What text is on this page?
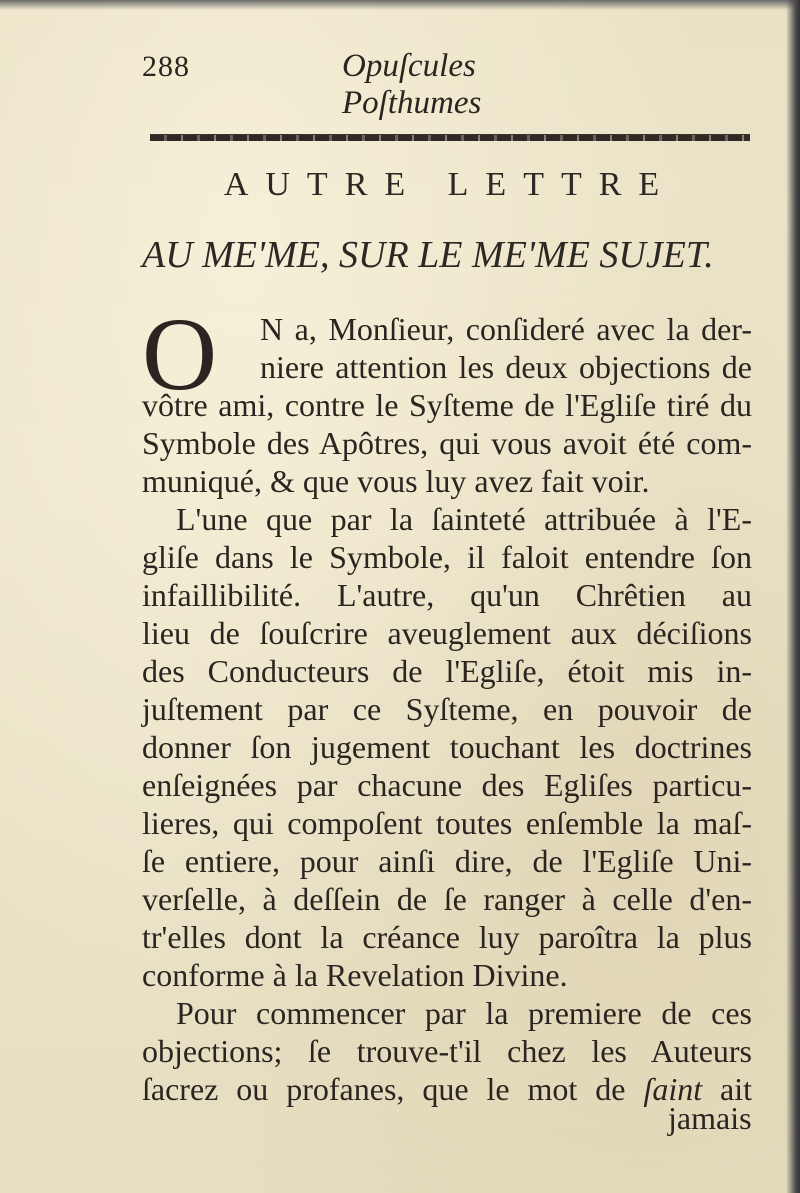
288	Opuſcules Poſthumes
AUTRE LETTRE
AU ME'ME, SUR LE ME'ME SUJET.
O N a, Monſieur, conſideré avec la der-
niere attention les deux objections de
vôtre ami, contre le Syſteme de l'Egliſe tiré du
Symbole des Apôtres, qui vous avoit été com-
muniqué, & que vous luy avez fait voir.
L'une que par la ſainteté attribuée à l'E-
gliſe dans le Symbole, il faloit entendre ſon
infaillibilité. L'autre, qu'un Chrêtien au
lieu de ſouſcrire aveuglement aux déciſions
des Conducteurs de l'Egliſe, étoit mis in-
juſtement par ce Syſteme, en pouvoir de
donner ſon jugement touchant les doctrines
enſeignées par chacune des Egliſes particu-
lieres, qui compoſent toutes enſemble la maſ-
ſe entiere, pour ainſi dire, de l'Egliſe Uni-
verſelle, à deſſein de ſe ranger à celle d'en-
tr'elles dont la créance luy paroîtra la plus
conforme à la Revelation Divine.
Pour commencer par la premiere de ces
objections; ſe trouve-t'il chez les Auteurs
ſacrez ou profanes, que le mot de ſaint ait
jamais
